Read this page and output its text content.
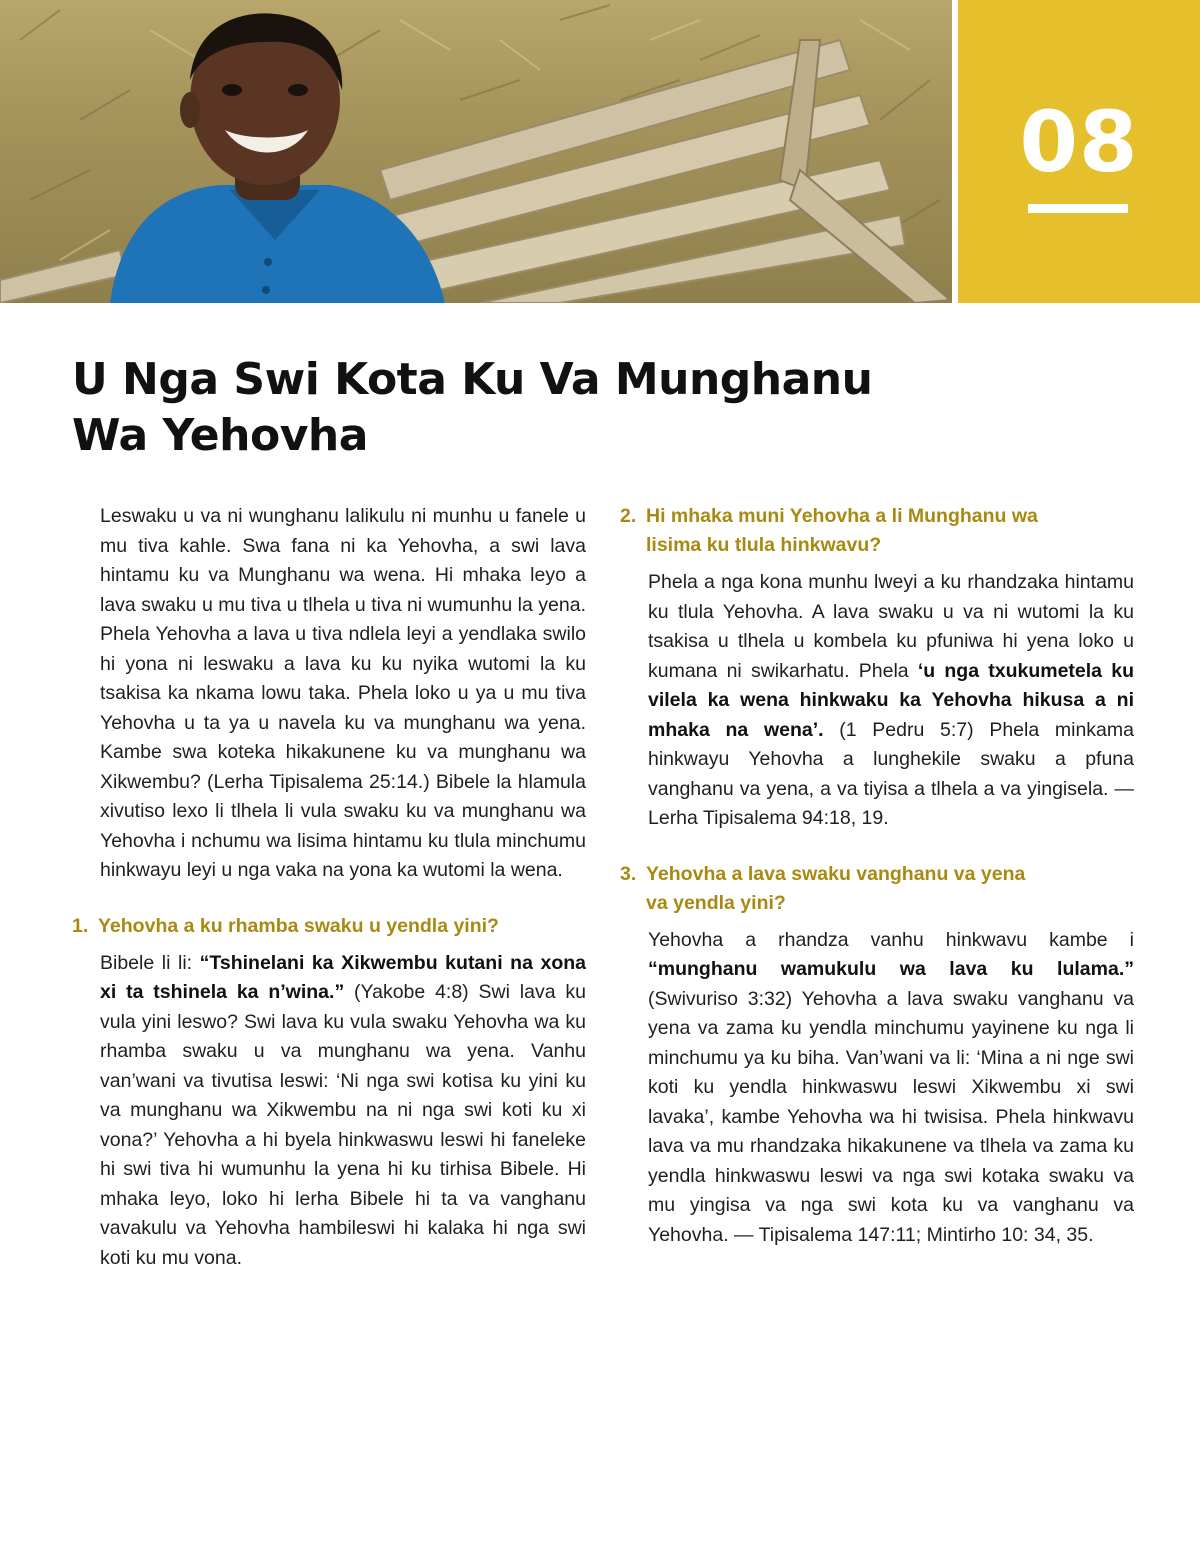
08
U Nga Swi Kota Ku Va Munghanu
Wa Yehovha

Leswaku u va ni wunghanu lalikulu ni munhu u fanele u mu tiva kahle. Swa fana ni ka Yehovha, a swi lava hintamu ku va Munghanu wa wena. Hi mhaka leyo a lava swaku u mu tiva u tlhela u tiva ni wumunhu la yena. Phela Yehovha a lava u tiva ndlela leyi a yendlaka swilo hi yona ni leswaku a lava ku ku nyika wutomi la ku tsakisa ka nkama lowu taka. Phela loko u ya u mu tiva Yehovha u ta ya u navela ku va munghanu wa yena. Kambe swa koteka hikakunene ku va munghanu wa Xikwembu? (Lerha Tipisalema 25:14.) Bibele la hlamula xivutiso lexo li tlhela li vula swaku ku va munghanu wa Yehovha i nchumu wa lisima hintamu ku tlula minchumu hinkwayu leyi u nga vaka na yona ka wutomi la wena.

1. Yehovha a ku rhamba swaku u yendla yini?

Bibele li li: “Tshinelani ka Xikwembu kutani na xona xi ta tshinela ka n’wina.” (Yakobe 4:8) Swi lava ku vula yini leswo? Swi lava ku vula swaku Yehovha wa ku rhamba swaku u va munghanu wa yena. Vanhu van’wani va tivutisa leswi: ‘Ni nga swi kotisa ku yini ku va munghanu wa Xikwembu na ni nga swi koti ku xi vona?’ Yehovha a hi byela hinkwaswu leswi hi faneleke hi swi tiva hi wumunhu la yena hi ku tirhisa Bibele. Hi mhaka leyo, loko hi lerha Bibele hi ta va vanghanu vavakulu va Yehovha hambileswi hi kalaka hi nga swi koti ku mu vona.

2. Hi mhaka muni Yehovha a li Munghanu wa lisima ku tlula hinkwavu?

Phela a nga kona munhu lweyi a ku rhandzaka hintamu ku tlula Yehovha. A lava swaku u va ni wutomi la ku tsakisa u tlhela u kombela ku pfuniwa hi yena loko u kumana ni swikarhatu. Phela ‘u nga txukumetela ku vilela ka wena hinkwaku ka Yehovha hikusa a ni mhaka na wena’. (1 Pedru 5:7) Phela minkama hinkwayu Yehovha a lunghekile swaku a pfuna vanghanu va yena, a va tiyisa a tlhela a va yingisela. — Lerha Tipisalema 94:18, 19.

3. Yehovha a lava swaku vanghanu va yena va yendla yini?

Yehovha a rhandza vanhu hinkwavu kambe i “munghanu wamukulu wa lava ku lulama.” (Swivuriso 3:32) Yehovha a lava swaku vanghanu va yena va zama ku yendla minchumu yayinene ku nga li minchumu ya ku biha. Van’wani va li: ‘Mina a ni nge swi koti ku yendla hinkwaswu leswi Xikwembu xi swi lavaka’, kambe Yehovha wa hi twisisa. Phela hinkwavu lava va mu rhandzaka hikakunene va tlhela va zama ku yendla hinkwaswu leswi va nga swi kotaka swaku va mu yingisa va nga swi kota ku va vanghanu va Yehovha. — Tipisalema 147:11; Mintirho 10: 34, 35.
